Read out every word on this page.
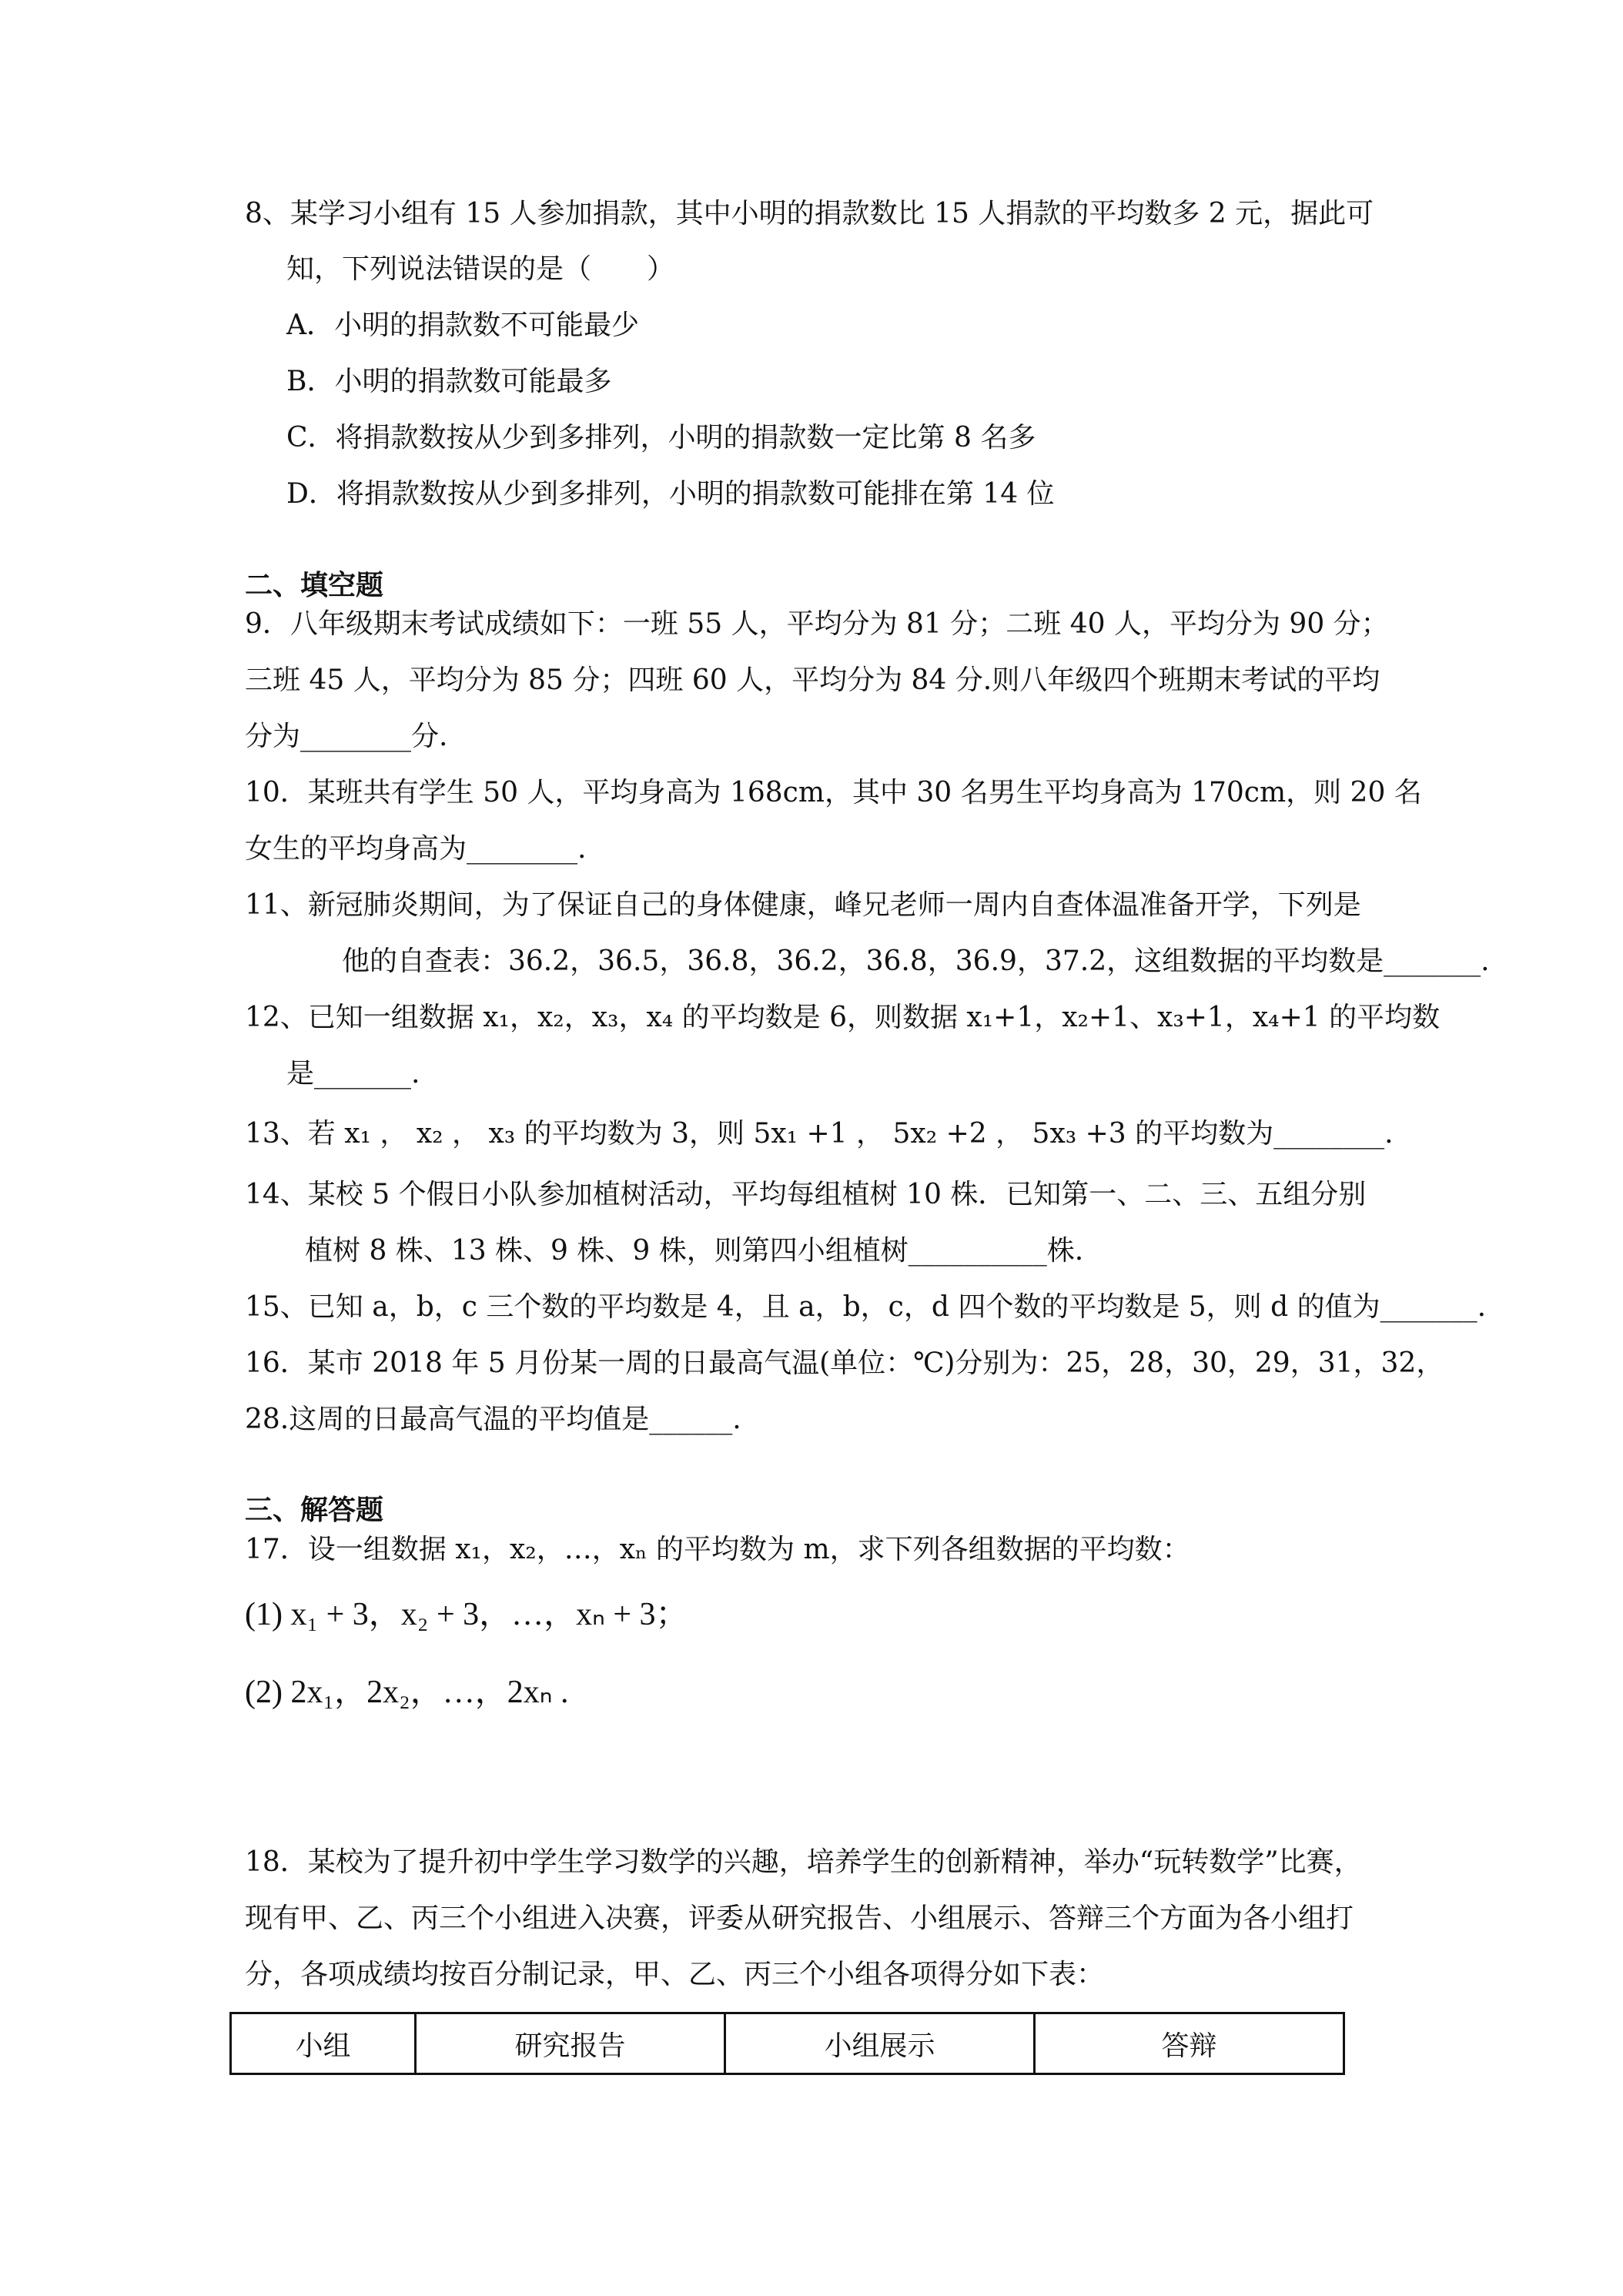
8、某学习小组有 15 人参加捐款，其中小明的捐款数比 15 人捐款的平均数多 2 元，据此可
知，下列说法错误的是（　　）
A．小明的捐款数不可能最少
B．小明的捐款数可能最多
C．将捐款数按从少到多排列，小明的捐款数一定比第 8 名多
D．将捐款数按从少到多排列，小明的捐款数可能排在第 14 位
二、填空题
9．八年级期末考试成绩如下：一班 55 人，平均分为 81 分；二班 40 人，平均分为 90 分；
三班 45 人，平均分为 85 分；四班 60 人，平均分为 84 分.则八年级四个班期末考试的平均
分为________分.
10．某班共有学生 50 人，平均身高为 168cm，其中 30 名男生平均身高为 170cm，则 20 名
女生的平均身高为________.
11、新冠肺炎期间，为了保证自己的身体健康，峰兄老师一周内自查体温准备开学，下列是
他的自查表：36.2，36.5，36.8，36.2，36.8，36.9，37.2，这组数据的平均数是_______.
12、已知一组数据 x₁，x₂，x₃，x₄ 的平均数是 6，则数据 x₁+1，x₂+1、x₃+1，x₄+1 的平均数
是_______.
13、若 x₁ ， x₂ ， x₃ 的平均数为 3，则 5x₁ +1 ， 5x₂ +2 ， 5x₃ +3 的平均数为________.
14、某校 5 个假日小队参加植树活动，平均每组植树 10 株．已知第一、二、三、五组分别
植树 8 株、13 株、9 株、9 株，则第四小组植树__________株.
15、已知 a，b，c 三个数的平均数是 4，且 a，b，c，d 四个数的平均数是 5，则 d 的值为_______.
16．某市 2018 年 5 月份某一周的日最高气温(单位：℃)分别为：25，28，30，29，31，32，
28.这周的日最高气温的平均值是______.
三、解答题
17．设一组数据 x₁，x₂，…，xₙ 的平均数为 m，求下列各组数据的平均数：
(1) x₁ + 3，x₂ + 3，…，xₙ + 3；
(2) 2x₁，2x₂，…，2xₙ .
18．某校为了提升初中学生学习数学的兴趣，培养学生的创新精神，举办“玩转数学”比赛，
现有甲、乙、丙三个小组进入决赛，评委从研究报告、小组展示、答辩三个方面为各小组打
分，各项成绩均按百分制记录，甲、乙、丙三个小组各项得分如下表：
小组	研究报告	小组展示	答辩
